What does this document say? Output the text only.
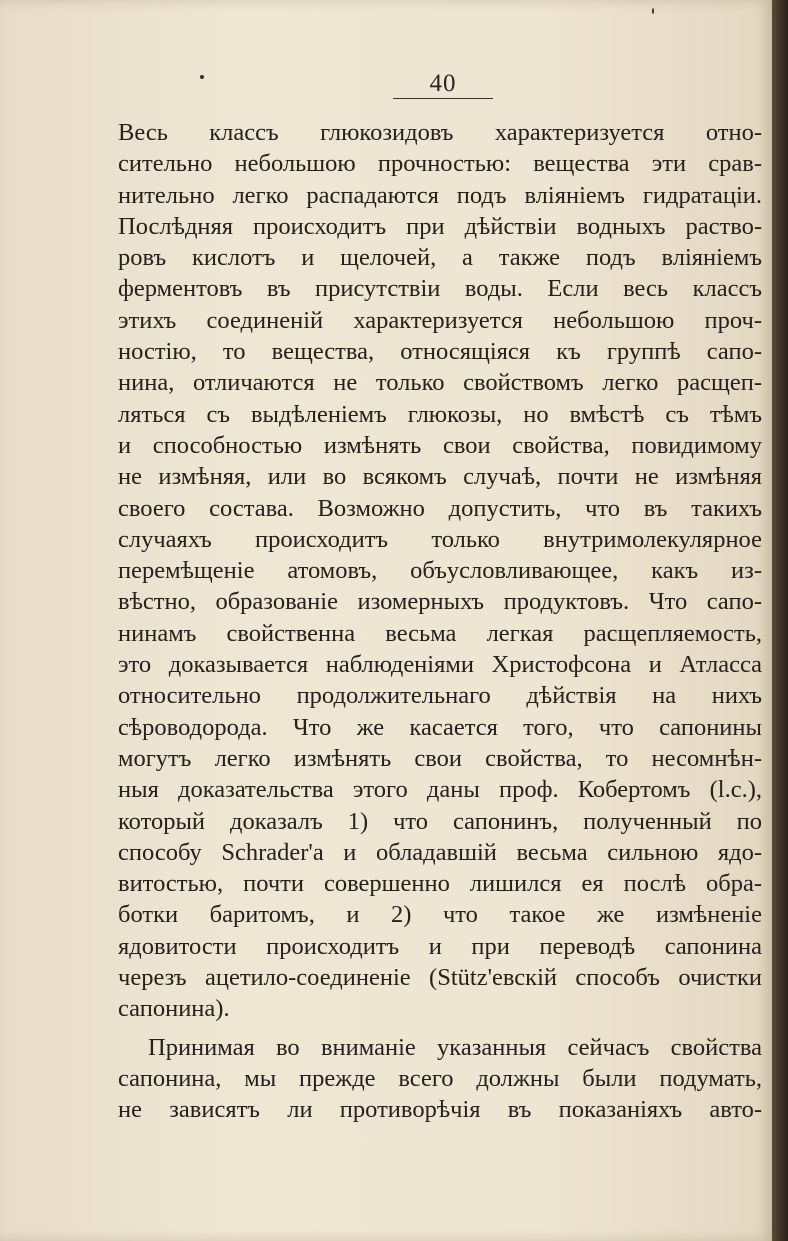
40
Весь классъ глюкозидовъ характеризуется отно-
сительно небольшою прочностью: вещества эти срав-
нительно легко распадаются подъ вліяніемъ гидратаціи.
Послѣдняя происходитъ при дѣйствіи водныхъ раство-
ровъ кислотъ и щелочей, а также подъ вліяніемъ
ферментовъ въ присутствіи воды. Если весь классъ
этихъ соединеній характеризуется небольшою проч-
ностію, то вещества, относящіяся къ группѣ сапо-
нина, отличаются не только свойствомъ легко расщеп-
ляться съ выдѣленіемъ глюкозы, но вмѣстѣ съ тѣмъ
и способностью измѣнять свои свойства, повидимому
не измѣняя, или во всякомъ случаѣ, почти не измѣняя
своего состава. Возможно допустить, что въ такихъ
случаяхъ происходитъ только внутримолекулярное
перемѣщеніе атомовъ, объусловливающее, какъ из-
вѣстно, образованіе изомерныхъ продуктовъ. Что сапо-
нинамъ свойственна весьма легкая расщепляемость,
это доказывается наблюденіями Христофсона и Атласса
относительно продолжительнаго дѣйствія на нихъ
сѣроводорода. Что же касается того, что сапонины
могутъ легко измѣнять свои свойства, то несомнѣн-
ныя доказательства этого даны проф. Кобертомъ (l.c.),
который доказалъ 1) что сапонинъ, полученный по
способу Schrader'а и обладавшій весьма сильною ядо-
витостью, почти совершенно лишился ея послѣ обра-
ботки баритомъ, и 2) что такое же измѣненіе
ядовитости происходитъ и при переводѣ сапонина
черезъ ацетило-соединеніе (Stütz'евскій способъ очистки
сапонина).
Принимая во вниманіе указанныя сейчасъ свойства
сапонина, мы прежде всего должны были подумать,
не зависятъ ли противорѣчія въ показаніяхъ авто-
